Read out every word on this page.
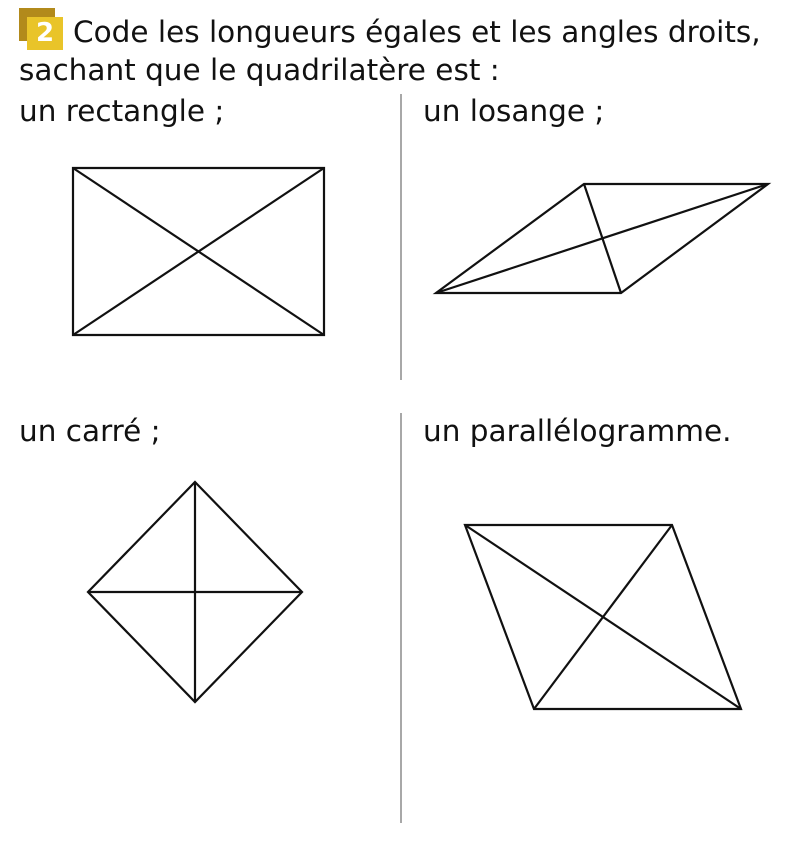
2 Code les longueurs égales et les angles droits, sachant que le quadrilatère est :

un rectangle ;	un losange ;
un carré ;	un parallélogramme.
